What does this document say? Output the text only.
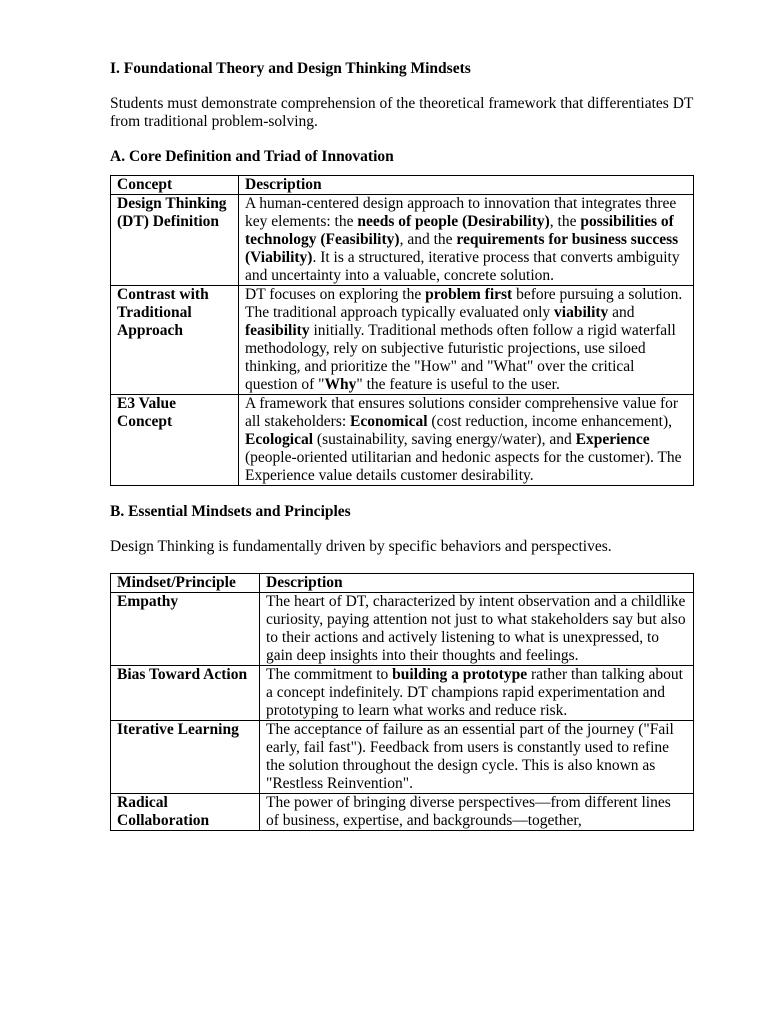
I. Foundational Theory and Design Thinking Mindsets

Students must demonstrate comprehension of the theoretical framework that differentiates DT from traditional problem-solving.

A. Core Definition and Triad of Innovation

Concept	Description
Design Thinking (DT) Definition	A human-centered design approach to innovation that integrates three key elements: the needs of people (Desirability), the possibilities of technology (Feasibility), and the requirements for business success (Viability). It is a structured, iterative process that converts ambiguity and uncertainty into a valuable, concrete solution.
Contrast with Traditional Approach	DT focuses on exploring the problem first before pursuing a solution. The traditional approach typically evaluated only viability and feasibility initially. Traditional methods often follow a rigid waterfall methodology, rely on subjective futuristic projections, use siloed thinking, and prioritize the "How" and "What" over the critical question of "Why" the feature is useful to the user.
E3 Value Concept	A framework that ensures solutions consider comprehensive value for all stakeholders: Economical (cost reduction, income enhancement), Ecological (sustainability, saving energy/water), and Experience (people-oriented utilitarian and hedonic aspects for the customer). The Experience value details customer desirability.

B. Essential Mindsets and Principles

Design Thinking is fundamentally driven by specific behaviors and perspectives.

Mindset/Principle	Description
Empathy	The heart of DT, characterized by intent observation and a childlike curiosity, paying attention not just to what stakeholders say but also to their actions and actively listening to what is unexpressed, to gain deep insights into their thoughts and feelings.
Bias Toward Action	The commitment to building a prototype rather than talking about a concept indefinitely. DT champions rapid experimentation and prototyping to learn what works and reduce risk.
Iterative Learning	The acceptance of failure as an essential part of the journey ("Fail early, fail fast"). Feedback from users is constantly used to refine the solution throughout the design cycle. This is also known as "Restless Reinvention".
Radical Collaboration	The power of bringing diverse perspectives—from different lines of business, expertise, and backgrounds—together,
